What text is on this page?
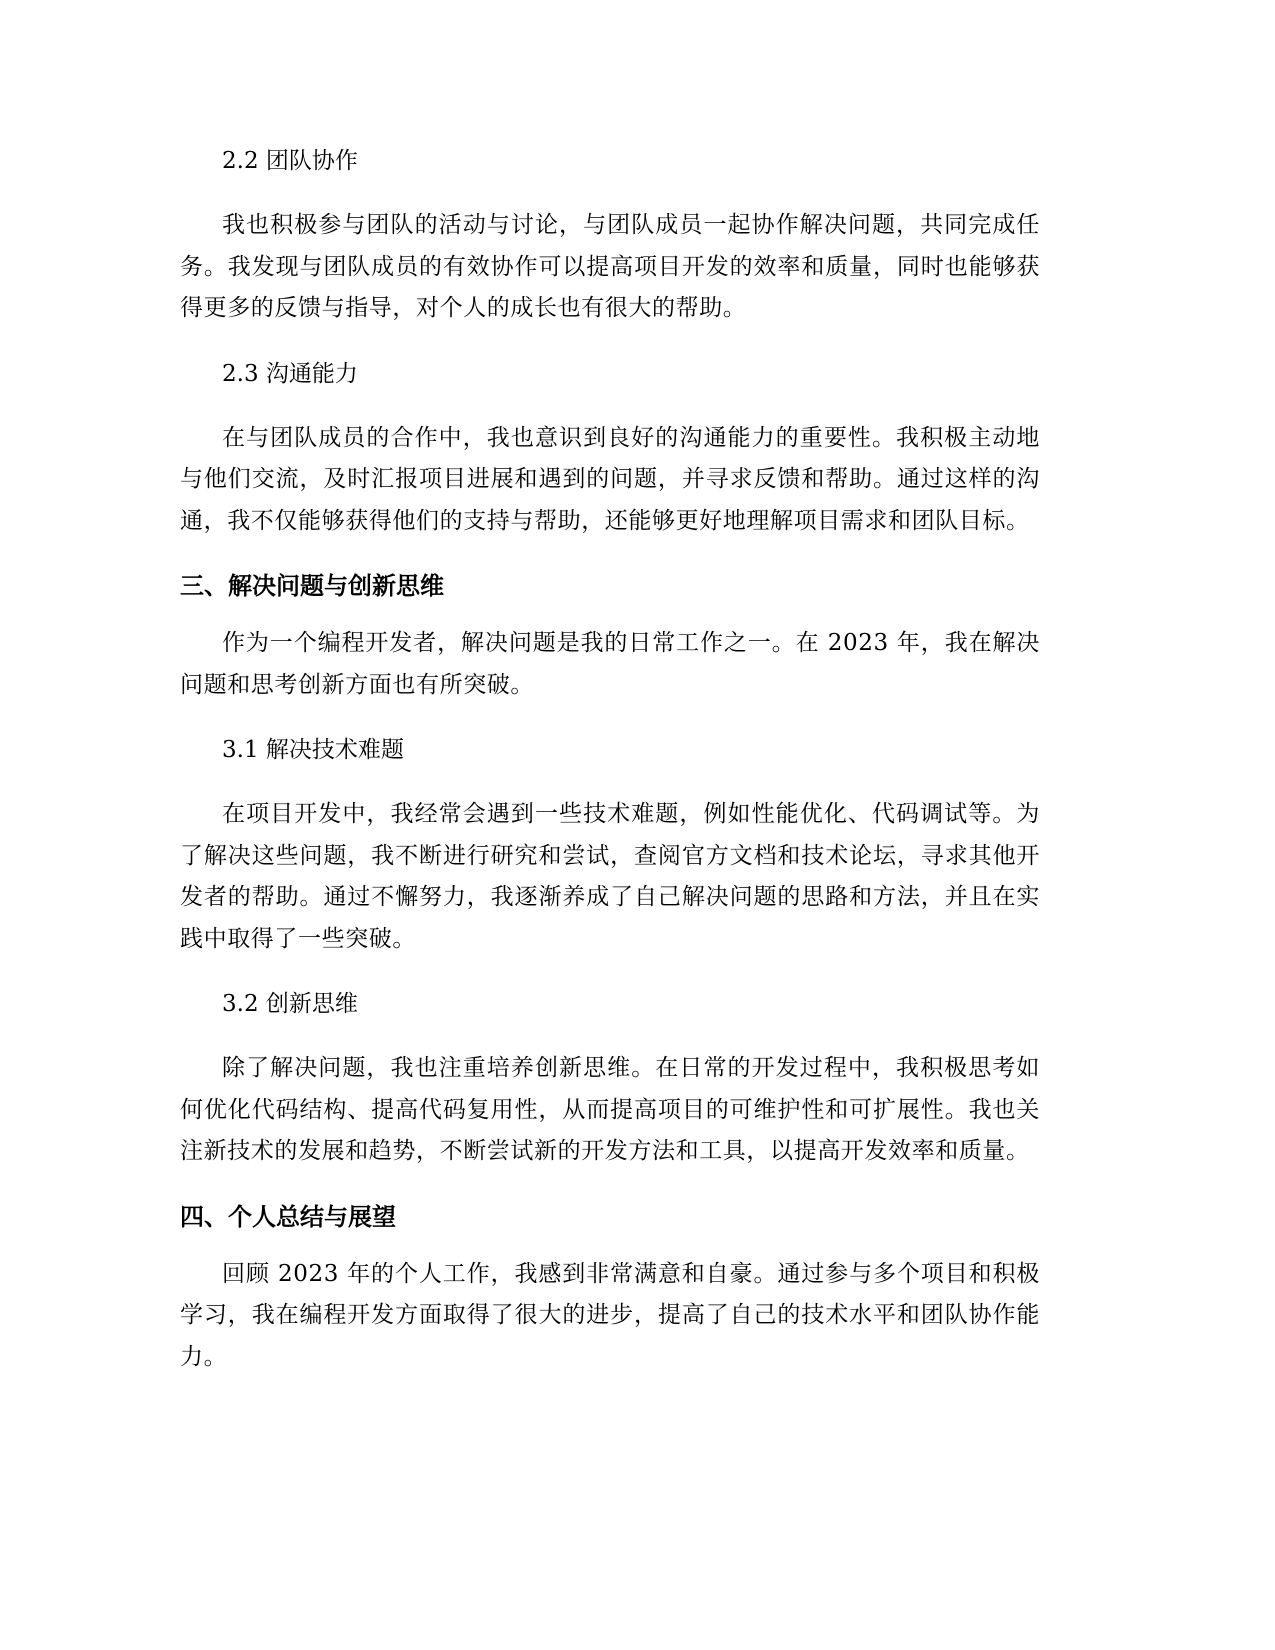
2.2 团队协作

我也积极参与团队的活动与讨论，与团队成员一起协作解决问题，共同完成任务。我发现与团队成员的有效协作可以提高项目开发的效率和质量，同时也能够获得更多的反馈与指导，对个人的成长也有很大的帮助。

2.3 沟通能力

在与团队成员的合作中，我也意识到良好的沟通能力的重要性。我积极主动地与他们交流，及时汇报项目进展和遇到的问题，并寻求反馈和帮助。通过这样的沟通，我不仅能够获得他们的支持与帮助，还能够更好地理解项目需求和团队目标。

三、解决问题与创新思维

作为一个编程开发者，解决问题是我的日常工作之一。在 2023 年，我在解决问题和思考创新方面也有所突破。

3.1 解决技术难题

在项目开发中，我经常会遇到一些技术难题，例如性能优化、代码调试等。为了解决这些问题，我不断进行研究和尝试，查阅官方文档和技术论坛，寻求其他开发者的帮助。通过不懈努力，我逐渐养成了自己解决问题的思路和方法，并且在实践中取得了一些突破。

3.2 创新思维

除了解决问题，我也注重培养创新思维。在日常的开发过程中，我积极思考如何优化代码结构、提高代码复用性，从而提高项目的可维护性和可扩展性。我也关注新技术的发展和趋势，不断尝试新的开发方法和工具，以提高开发效率和质量。

四、个人总结与展望

回顾 2023 年的个人工作，我感到非常满意和自豪。通过参与多个项目和积极学习，我在编程开发方面取得了很大的进步，提高了自己的技术水平和团队协作能力。
